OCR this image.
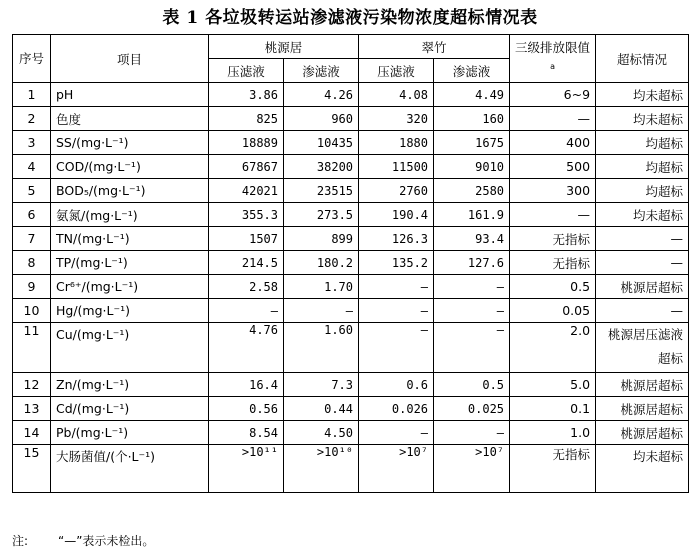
表 1 各垃圾转运站渗滤液污染物浓度超标情况表
序号	项目	桃源居		翠竹		三级排放限值$^a$	超标情况
		压滤液	渗滤液	压滤液	渗滤液		
1	pH	3.86	4.26	4.08	4.49	6~9	均未超标
2	色度	825	960	320	160	—	均未超标
3	SS/(mg·L⁻¹)	18889	10435	1880	1675	400	均超标
4	COD/(mg·L⁻¹)	67867	38200	11500	9010	500	均超标
5	BOD₅/(mg·L⁻¹)	42021	23515	2760	2580	300	均超标
6	氨氮/(mg·L⁻¹)	355.3	273.5	190.4	161.9	—	均未超标
7	TN/(mg·L⁻¹)	1507	899	126.3	93.4	无指标	—
8	TP/(mg·L⁻¹)	214.5	180.2	135.2	127.6	无指标	—
9	Cr⁶⁺/(mg·L⁻¹)	2.58	1.70	—	—	0.5	桃源居超标
10	Hg/(mg·L⁻¹)	—	—	—	—	0.05	—
11	Cu/(mg·L⁻¹)	4.76	1.60	—	—	2.0	桃源居压滤液超标
12	Zn/(mg·L⁻¹)	16.4	7.3	0.6	0.5	5.0	桃源居超标
13	Cd/(mg·L⁻¹)	0.56	0.44	0.026	0.025	0.1	桃源居超标
14	Pb/(mg·L⁻¹)	8.54	4.50	—	—	1.0	桃源居超标
15	大肠菌值/(个·L⁻¹)	>10¹¹	>10¹⁰	>10⁷	>10⁷	无指标	均未超标
注: “—”表示未检出。
